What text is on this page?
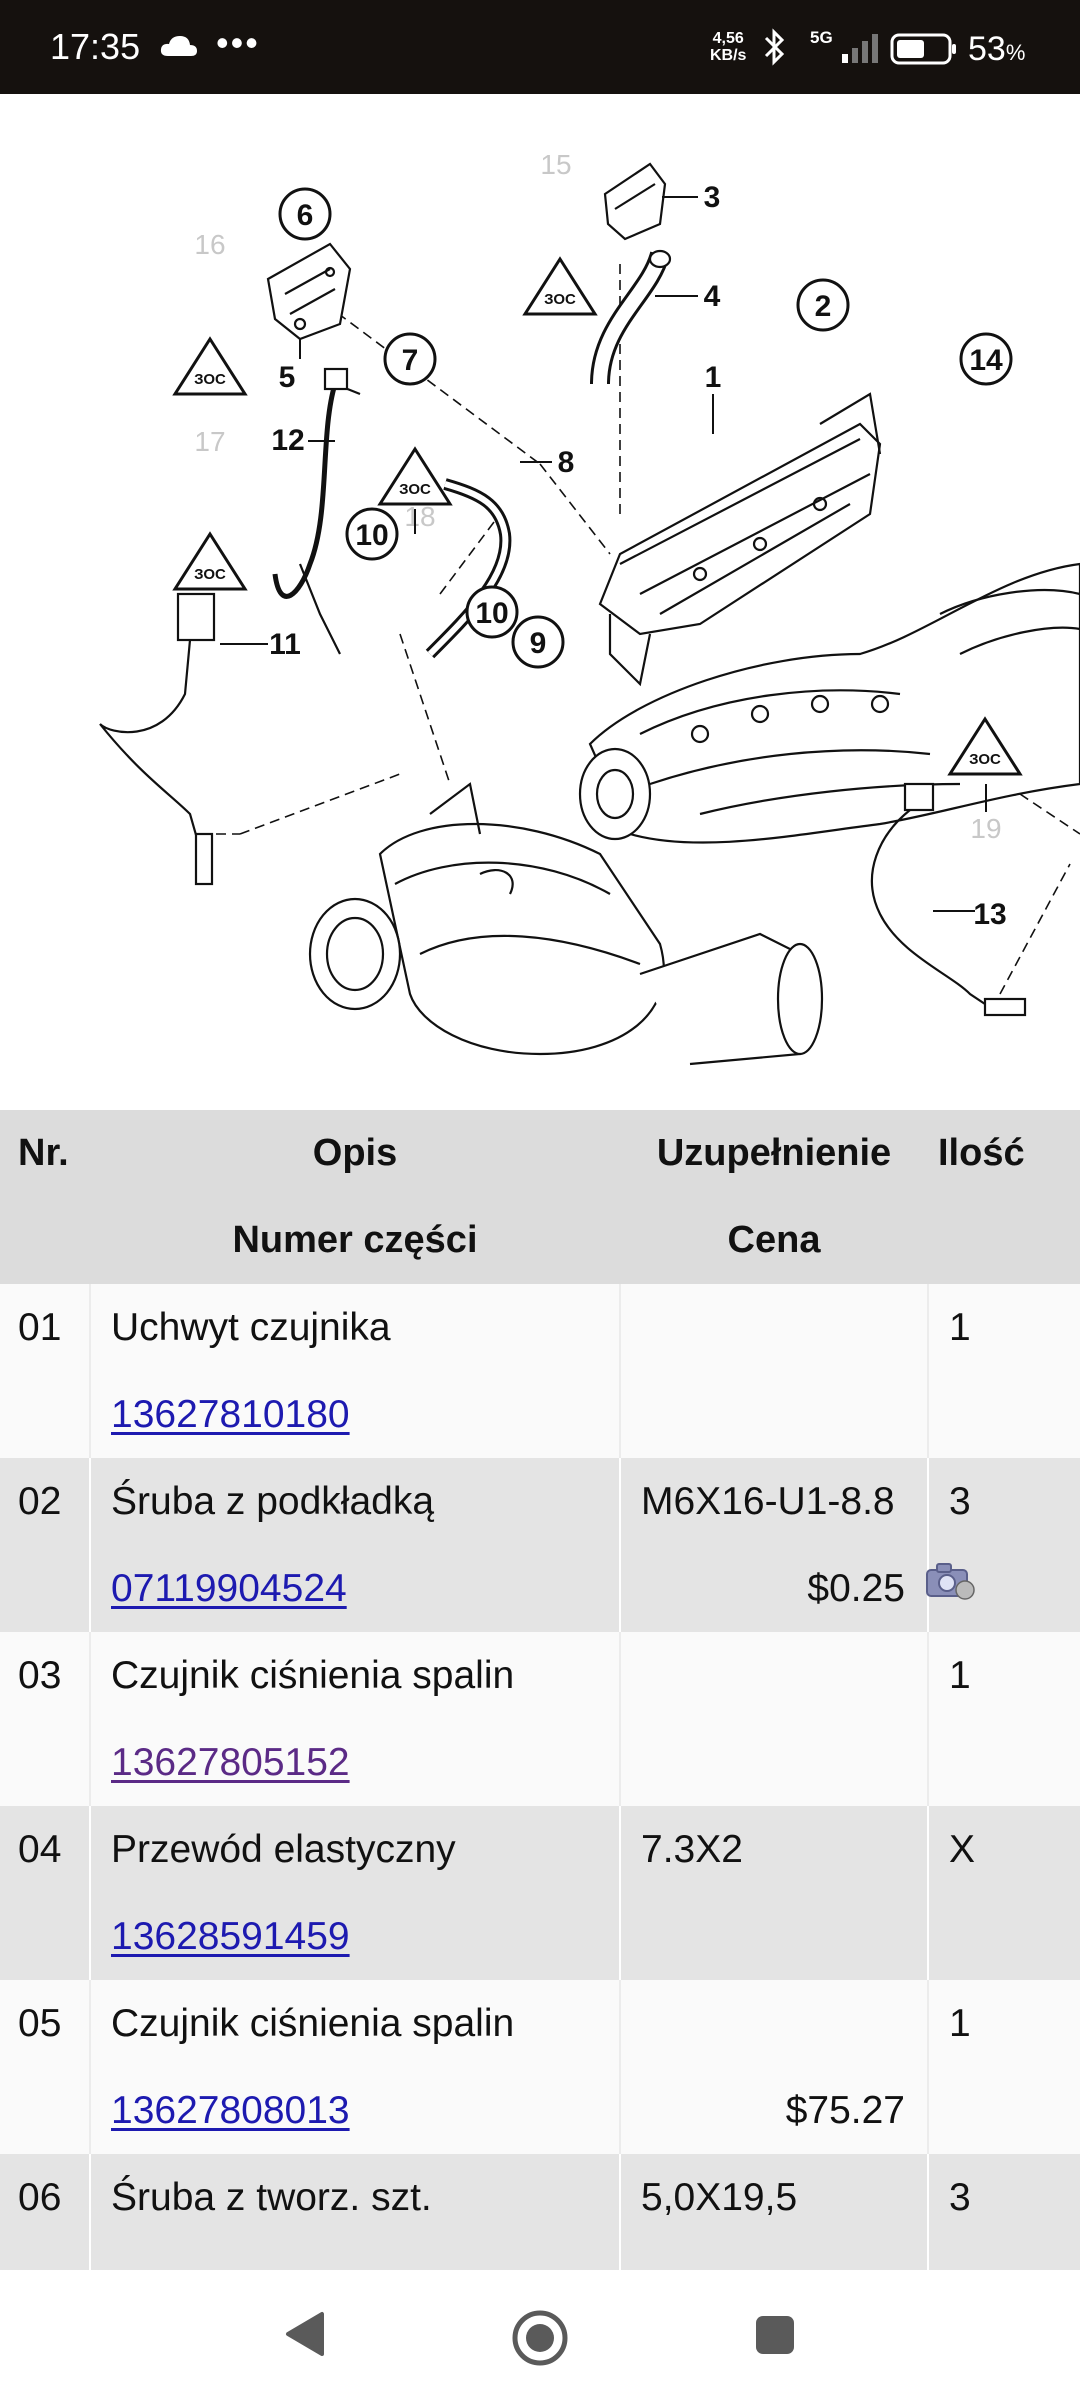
17:35 •••	4,56
KB/s
5G	53%
ЗОС
ЗОС
ЗОС
ЗОС
ЗОС
6
2
7
10
10
9
14
3
4
5	1
12
8
11
13
15
16
17
18
19
Nr.	Opis	Uzupełnienie	Ilość
	Numer części	Cena	
01	Uchwyt czujnika		1
	13627810180		
02	Śruba z podkładką	M6X16-U1-8.8	3
	07119904524	$0.25	
03	Czujnik ciśnienia spalin		1
	13627805152		
04	Przewód elastyczny	7.3X2	X
	13628591459		
05	Czujnik ciśnienia spalin		1
	13627808013	$75.27	
06	Śruba z tworz. szt.	5,0X19,5	3
